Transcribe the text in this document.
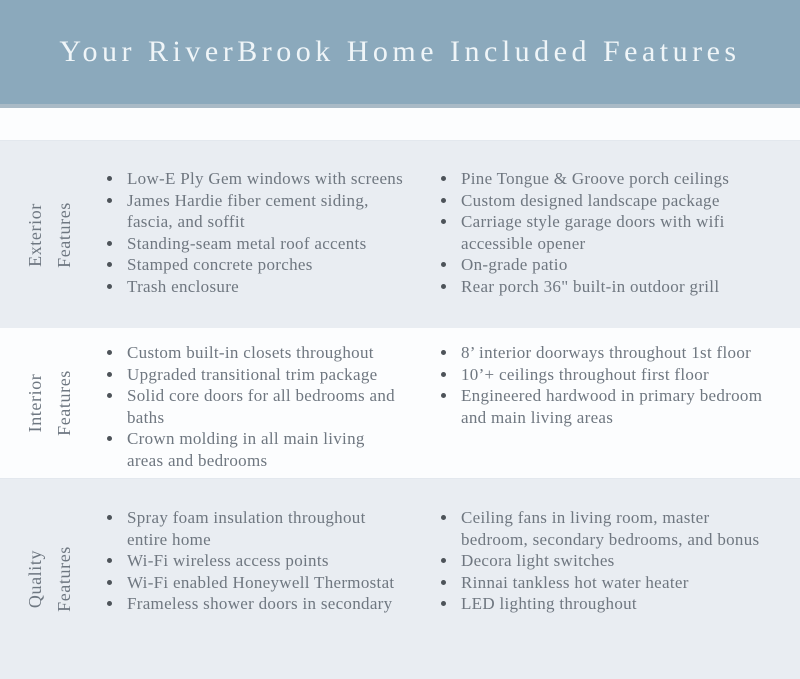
Your RiverBrook Home Included Features
Exterior Features
• Low-E Ply Gem windows with screens
• James Hardie fiber cement siding, fascia, and soffit
• Standing-seam metal roof accents
• Stamped concrete porches
• Trash enclosure
• Pine Tongue & Groove porch ceilings
• Custom designed landscape package
• Carriage style garage doors with wifi accessible opener
• On-grade patio
• Rear porch 36" built-in outdoor grill
Interior Features
• Custom built-in closets throughout
• Upgraded transitional trim package
• Solid core doors for all bedrooms and baths
• Crown molding in all main living areas and bedrooms
• 8’ interior doorways throughout 1st floor
• 10’+ ceilings throughout first floor
• Engineered hardwood in primary bedroom and main living areas
Quality Features
• Spray foam insulation throughout entire home
• Wi-Fi wireless access points
• Wi-Fi enabled Honeywell Thermostat
• Frameless shower doors in secondary
• Ceiling fans in living room, master bedroom, secondary bedrooms, and bonus
• Decora light switches
• Rinnai tankless hot water heater
• LED lighting throughout
